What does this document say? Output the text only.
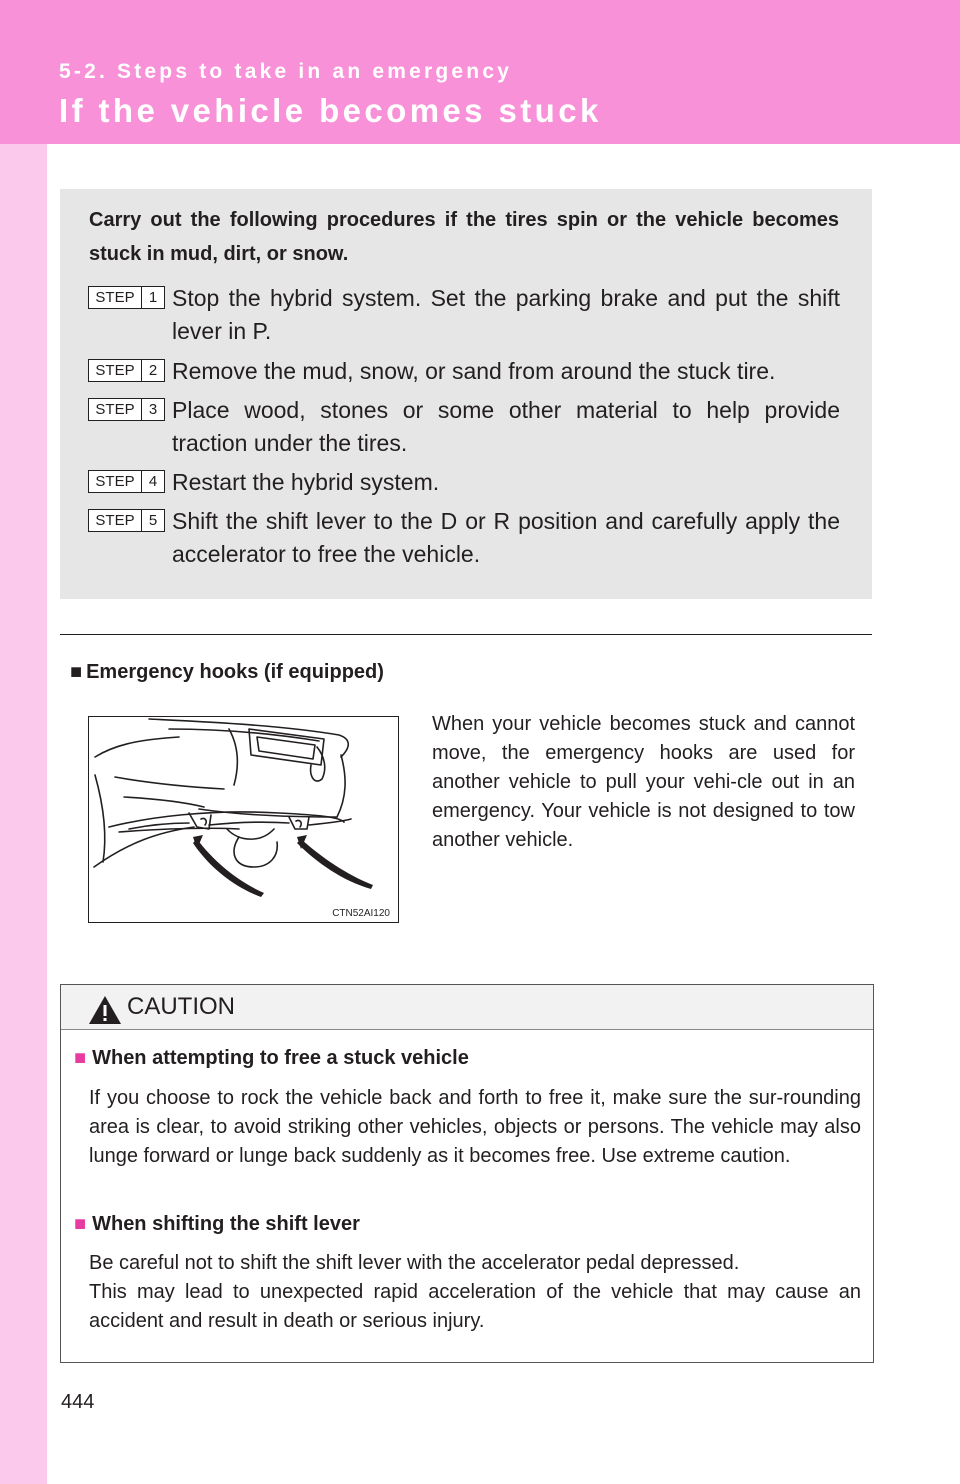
5-2. Steps to take in an emergency
If the vehicle becomes stuck
Carry out the following procedures if the tires spin or the vehicle becomes stuck in mud, dirt, or snow.
STEP 1 Stop the hybrid system. Set the parking brake and put the shift lever in P.
STEP 2 Remove the mud, snow, or sand from around the stuck tire.
STEP 3 Place wood, stones or some other material to help provide traction under the tires.
STEP 4 Restart the hybrid system.
STEP 5 Shift the shift lever to the D or R position and carefully apply the accelerator to free the vehicle.
■ Emergency hooks (if equipped)
CTN52AI120
When your vehicle becomes stuck and cannot move, the emergency hooks are used for another vehicle to pull your vehi-cle out in an emergency. Your vehicle is not designed to tow another vehicle.
CAUTION
■ When attempting to free a stuck vehicle
If you choose to rock the vehicle back and forth to free it, make sure the sur-rounding area is clear, to avoid striking other vehicles, objects or persons. The vehicle may also lunge forward or lunge back suddenly as it becomes free. Use extreme caution.
■ When shifting the shift lever
Be careful not to shift the shift lever with the accelerator pedal depressed.
This may lead to unexpected rapid acceleration of the vehicle that may cause an accident and result in death or serious injury.
444
